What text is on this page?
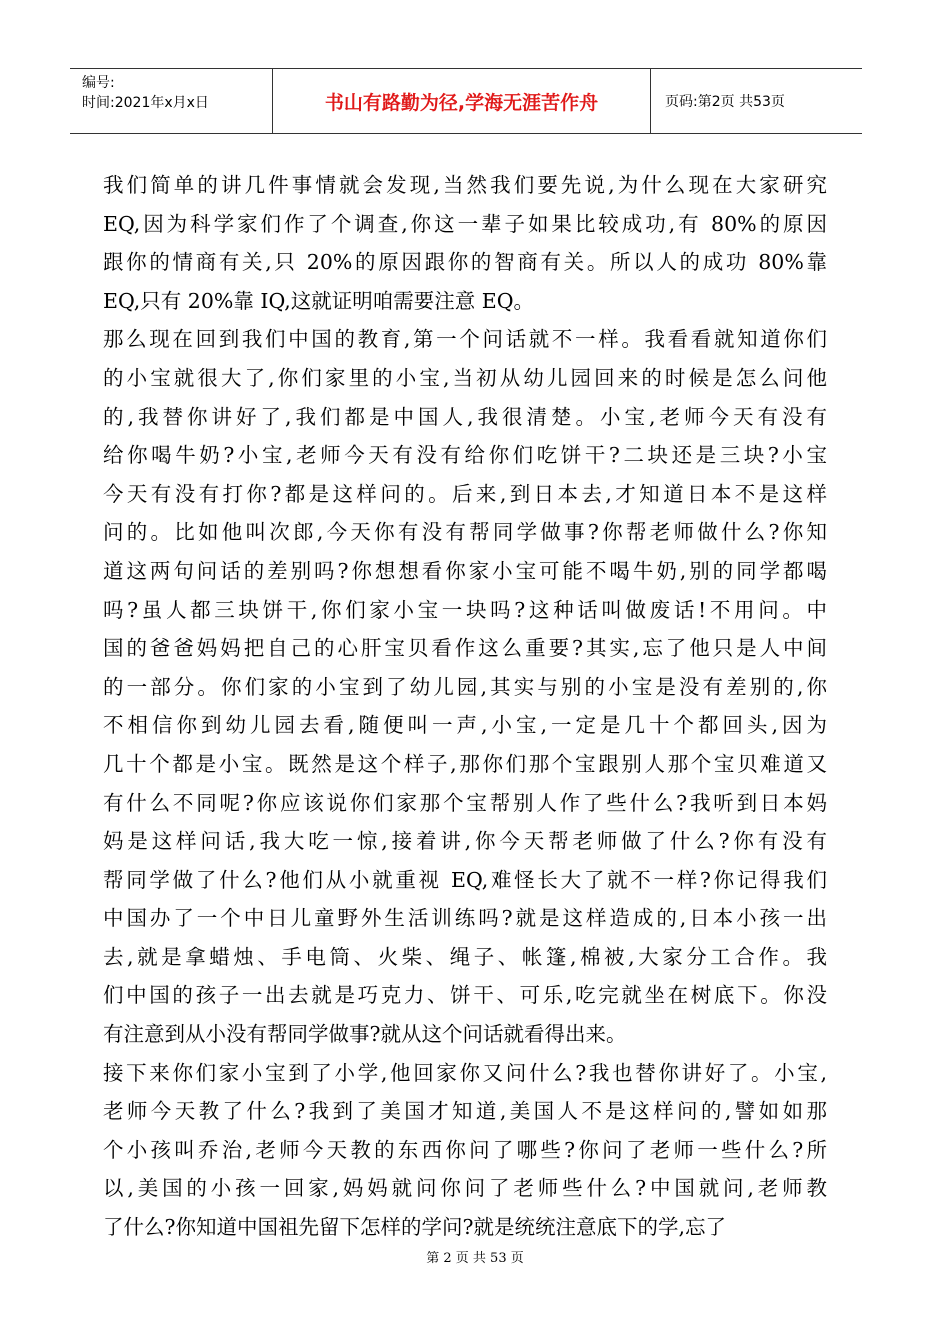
编号:
时间:2021年x月x日	书山有路勤为径,学海无涯苦作舟	页码:第2页 共53页

我们简单的讲几件事情就会发现,当然我们要先说,为什么现在大家研究
EQ,因为科学家们作了个调查,你这一辈子如果比较成功,有 80%的原因
跟你的情商有关,只 20%的原因跟你的智商有关。所以人的成功 80%靠
EQ,只有 20%靠 IQ,这就证明咱需要注意 EQ。

那么现在回到我们中国的教育,第一个问话就不一样。我看看就知道你们
的小宝就很大了,你们家里的小宝,当初从幼儿园回来的时候是怎么问他
的,我替你讲好了,我们都是中国人,我很清楚。小宝,老师今天有没有
给你喝牛奶?小宝,老师今天有没有给你们吃饼干?二块还是三块?小宝
今天有没有打你?都是这样问的。后来,到日本去,才知道日本不是这样
问的。比如他叫次郎,今天你有没有帮同学做事?你帮老师做什么?你知
道这两句问话的差别吗?你想想看你家小宝可能不喝牛奶,别的同学都喝
吗?虽人都三块饼干,你们家小宝一块吗?这种话叫做废话!不用问。中
国的爸爸妈妈把自己的心肝宝贝看作这么重要?其实,忘了他只是人中间
的一部分。你们家的小宝到了幼儿园,其实与别的小宝是没有差别的,你
不相信你到幼儿园去看,随便叫一声,小宝,一定是几十个都回头,因为
几十个都是小宝。既然是这个样子,那你们那个宝跟别人那个宝贝难道又
有什么不同呢?你应该说你们家那个宝帮别人作了些什么?我听到日本妈
妈是这样问话,我大吃一惊,接着讲,你今天帮老师做了什么?你有没有
帮同学做了什么?他们从小就重视 EQ,难怪长大了就不一样?你记得我们
中国办了一个中日儿童野外生活训练吗?就是这样造成的,日本小孩一出
去,就是拿蜡烛、手电筒、火柴、绳子、帐篷,棉被,大家分工合作。我
们中国的孩子一出去就是巧克力、饼干、可乐,吃完就坐在树底下。你没
有注意到从小没有帮同学做事?就从这个问话就看得出来。

接下来你们家小宝到了小学,他回家你又问什么?我也替你讲好了。小宝,
老师今天教了什么?我到了美国才知道,美国人不是这样问的,譬如如那
个小孩叫乔治,老师今天教的东西你问了哪些?你问了老师一些什么?所
以,美国的小孩一回家,妈妈就问你问了老师些什么?中国就问,老师教
了什么?你知道中国祖先留下怎样的学问?就是统统注意底下的学,忘了

第 2 页 共 53 页
